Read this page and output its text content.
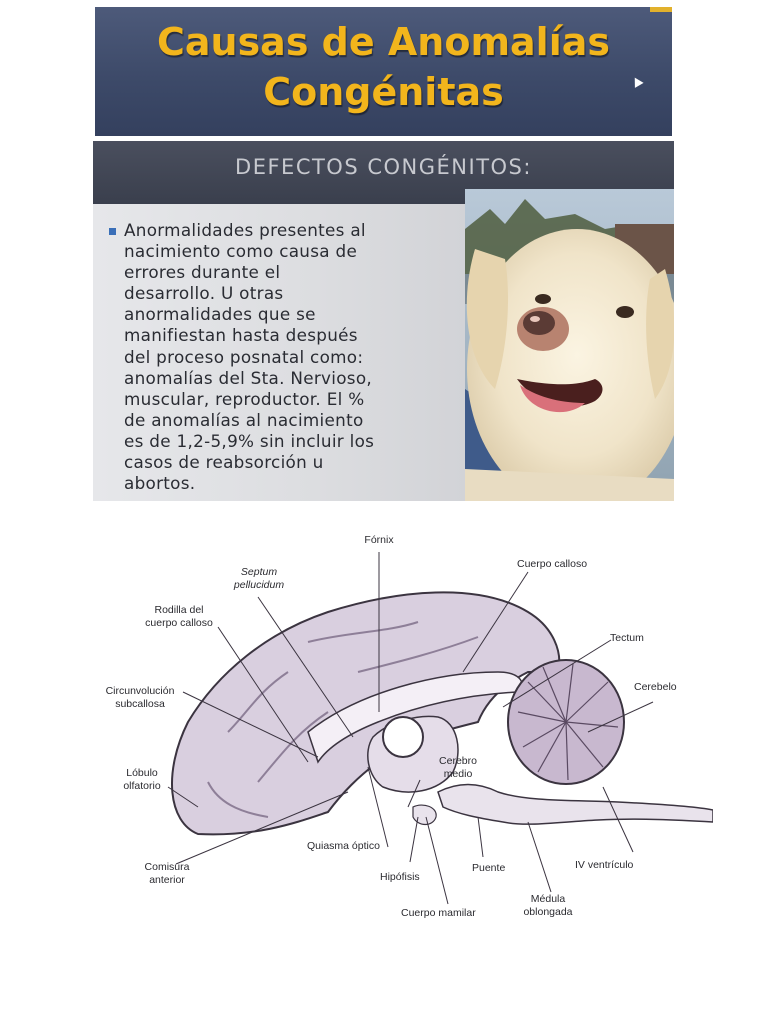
Causas de Anomalías
Congénitas
DEFECTOS CONGÉNITOS:
Anormalidades presentes al
nacimiento como causa de
errores durante el
desarrollo. U otras
anormalidades que se
manifiestan hasta después
del proceso posnatal como:
anomalías del Sta. Nervioso,
muscular, reproductor. El %
de anomalías al nacimiento
es de 1,2-5,9% sin incluir los
casos de reabsorción u
abortos.
Fórnix
Cuerpo calloso
Septum
pellucidum
Rodilla del
cuerpo calloso
Tectum
Cerebelo
Circunvolución
subcallosa
Lóbulo
olfatorio
Cerebro
medio
Quiasma óptico
Comisura
anterior	Hipófisis
Puente	IV ventrículo
Cuerpo mamilar
Médula
oblongada
